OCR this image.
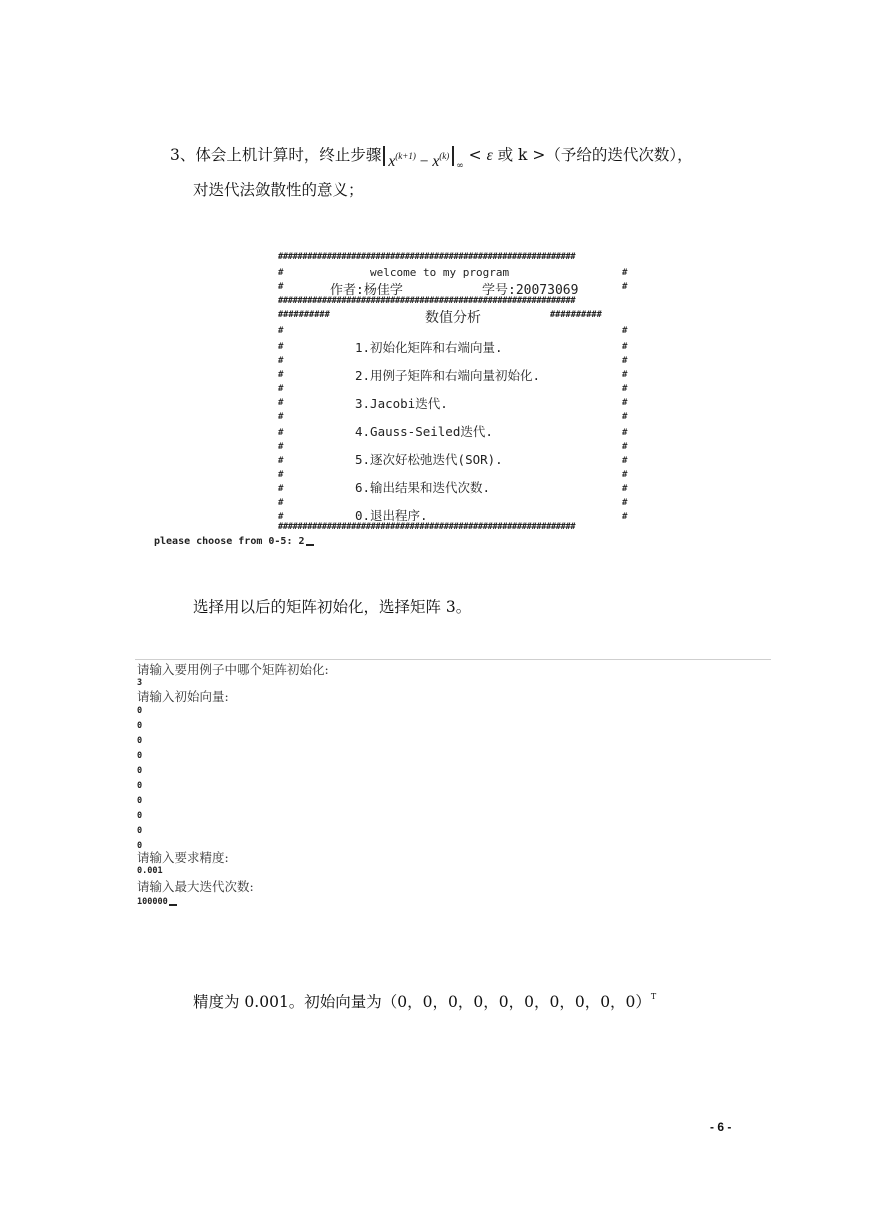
3、体会上机计算时，终止步骤 $x^{(k+1)} - x^{(k)}_\infty < \varepsilon$ 或 k >（予给的迭代次数），
对迭代法敛散性的意义；
#############################################################
#	#
welcome to my program
#	#
作者:杨佳学	学号:20073069
#############################################################
##########	数值分析	##########
#	#
#	#
#	#
#	#
#	#
#	#
#	#
#	#
#	#
#	#
#	#
#	#
#	#
#	#
1.初始化矩阵和右端向量.
2.用例子矩阵和右端向量初始化.
3.Jacobi迭代.
4.Gauss-Seiled迭代.
5.逐次好松弛迭代(SOR).
6.输出结果和迭代次数.
0.退出程序.
#############################################################
please choose from 0-5: 2
选择用以后的矩阵初始化，选择矩阵 3。
请输入要用例子中哪个矩阵初始化:
3
请输入初始向量:
0
0
0
0
0
0
0
0
0
0
请输入要求精度:
0.001
请输入最大迭代次数:
100000
精度为 0.001。初始向量为（0，0，0，0，0，0，0，0，0，0）$^T$
- 6 -
